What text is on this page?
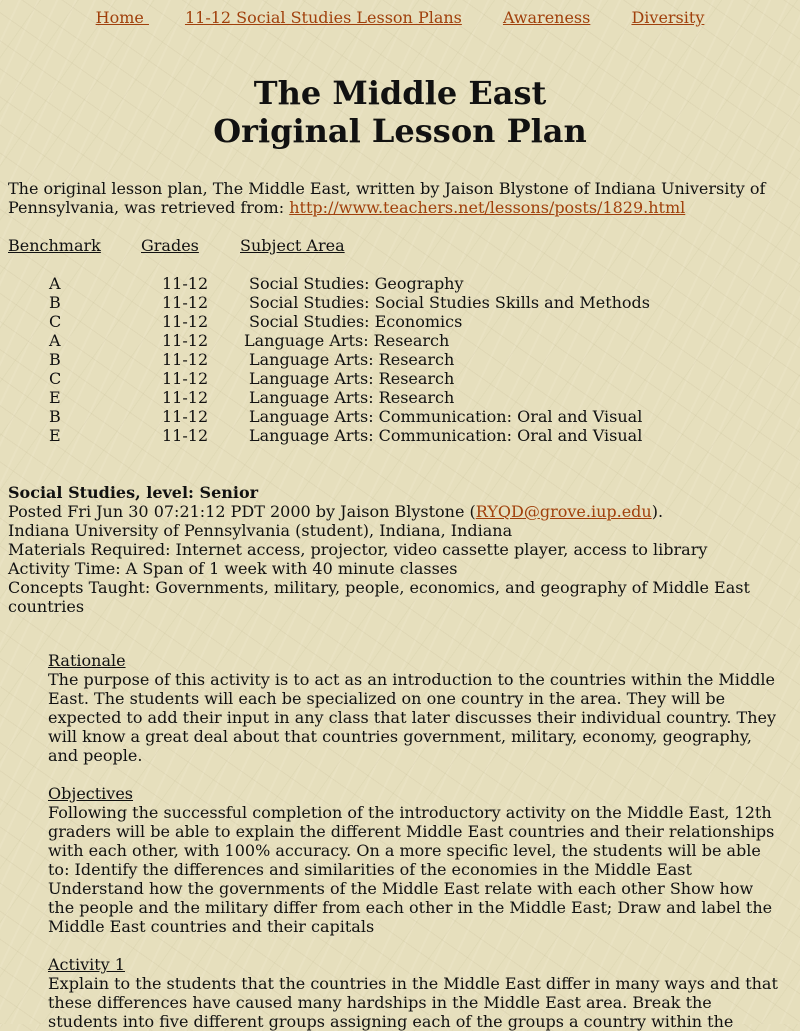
Home 11-12 Social Studies Lesson Plans	Awareness	Diversity
The Middle East
Original Lesson Plan
The original lesson plan, The Middle East, written by Jaison Blystone of Indiana University of Pennsylvania, was retrieved from: http://www.teachers.net/lessons/posts/1829.html
Benchmark	Grades	Subject Area
A	11-12	Social Studies: Geography
B	11-12	Social Studies: Social Studies Skills and Methods
C	11-12	Social Studies: Economics
A	11-12 Language Arts: Research
B	11-12	Language Arts: Research
C	11-12	Language Arts: Research
E	11-12	Language Arts: Research
B	11-12	Language Arts: Communication: Oral and Visual
E	11-12	Language Arts: Communication: Oral and Visual
Social Studies, level: Senior
Posted Fri Jun 30 07:21:12 PDT 2000 by Jaison Blystone (RYQD@grove.iup.edu).
Indiana University of Pennsylvania (student), Indiana, Indiana
Materials Required: Internet access, projector, video cassette player, access to library
Activity Time: A Span of 1 week with 40 minute classes
Concepts Taught: Governments, military, people, economics, and geography of Middle East countries
Rationale
The purpose of this activity is to act as an introduction to the countries within the Middle East. The students will each be specialized on one country in the area. They will be expected to add their input in any class that later discusses their individual country. They will know a great deal about that countries government, military, economy, geography, and people.
Objectives
Following the successful completion of the introductory activity on the Middle East, 12th graders will be able to explain the different Middle East countries and their relationships with each other, with 100% accuracy. On a more specific level, the students will be able to: Identify the differences and similarities of the economies in the Middle East Understand how the governments of the Middle East relate with each other Show how the people and the military differ from each other in the Middle East; Draw and label the Middle East countries and their capitals
Activity 1
Explain to the students that the countries in the Middle East differ in many ways and that these differences have caused many hardships in the Middle East area. Break the students into five different groups assigning each of the groups a country within the
